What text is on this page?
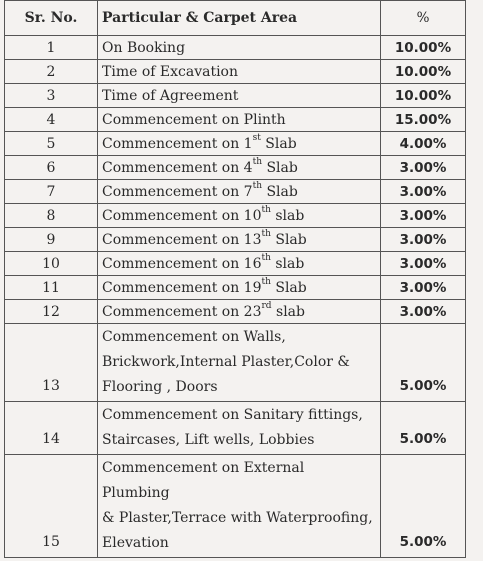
Sr. No.	Particular & Carpet Area	%
1	On Booking	10.00%
2	Time of Excavation	10.00%
3	Time of Agreement	10.00%
4	Commencement on Plinth	15.00%
5	Commencement on 1st Slab	4.00%
6	Commencement on 4th Slab	3.00%
7	Commencement on 7th Slab	3.00%
8	Commencement on 10th slab	3.00%
9	Commencement on 13th Slab	3.00%
10	Commencement on 16th slab	3.00%
11	Commencement on 19th Slab	3.00%
12	Commencement on 23rd slab	3.00%
13	Commencement on Walls,
Brickwork,Internal Plaster,Color &
Flooring , Doors	5.00%
14	Commencement on Sanitary fittings,
Staircases, Lift wells, Lobbies	5.00%
15	Commencement on External Plumbing
& Plaster,Terrace with Waterproofing,
Elevation	5.00%
